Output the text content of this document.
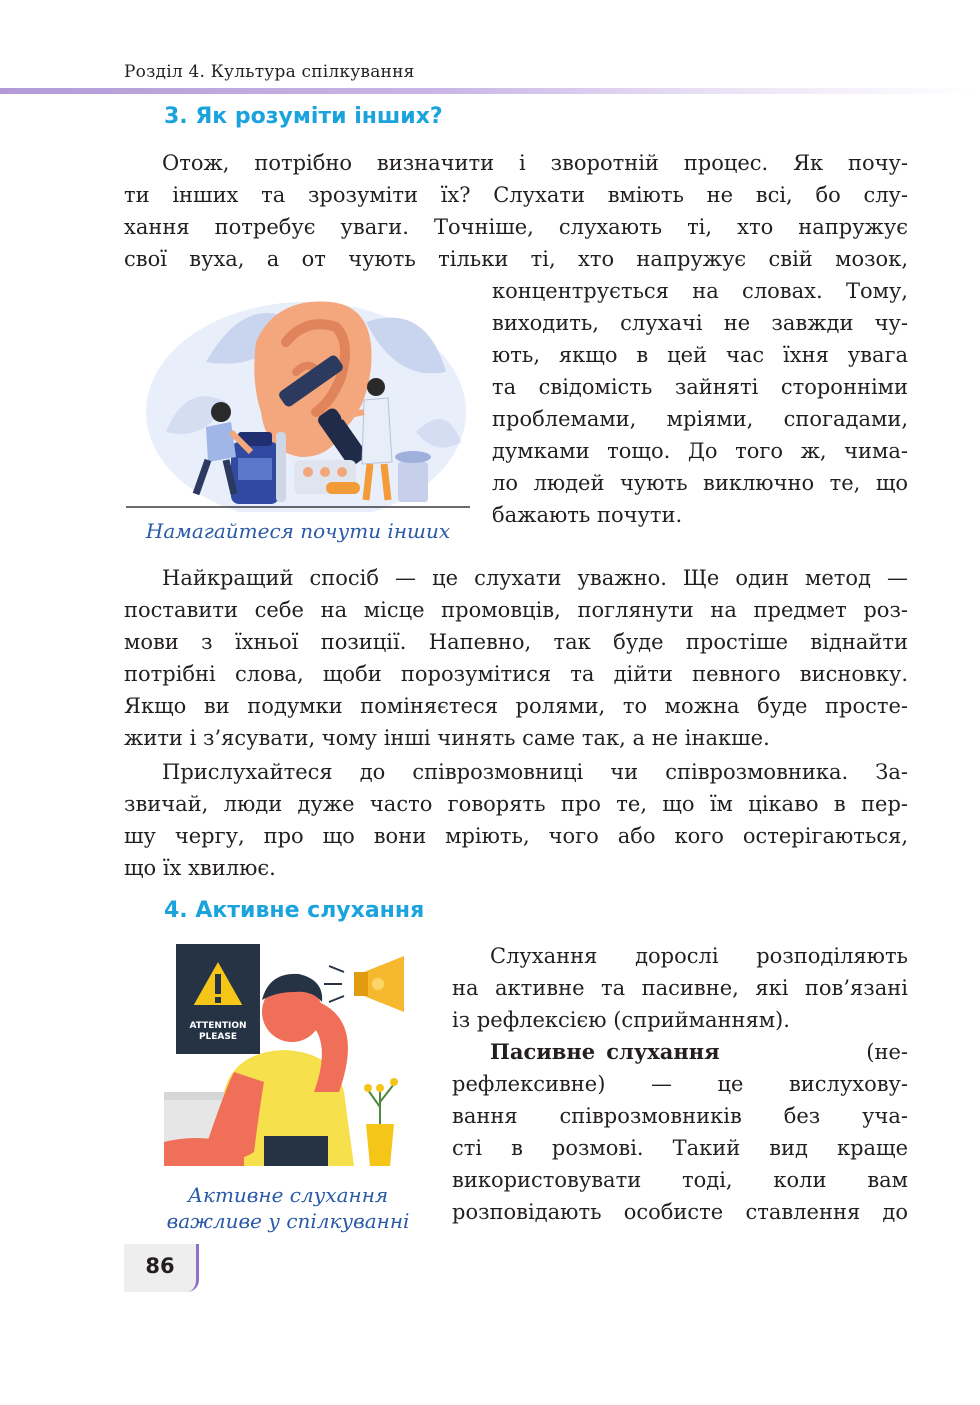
Розділ 4. Культура спілкування
3. Як розуміти інших?
Отож, потрібно визначити і зворотній процес. Як почу-
ти інших та зрозуміти їх? Слухати вміють не всі, бо слу-
хання потребує уваги. Точніше, слухають ті, хто напружує
свої вуха, а от чують тільки ті, хто напружує свій мозок,
концентрується на словах. Тому,
виходить, слухачі не завжди чу-
ють, якщо в цей час їхня увага
та свідомість зайняті сторонніми
проблемами, мріями, спогадами,
думками тощо. До того ж, чима-
ло людей чують виключно те, що
бажають почути.
Намагайтеся почути інших
Найкращий спосіб — це слухати уважно. Ще один метод —
поставити себе на місце промовців, поглянути на предмет роз-
мови з їхньої позиції. Напевно, так буде простіше віднайти
потрібні слова, щоби порозумітися та дійти певного висновку.
Якщо ви подумки поміняєтеся ролями, то можна буде просте-
жити і з’ясувати, чому інші чинять саме так, а не інакше.
Прислухайтеся до співрозмовниці чи співрозмовника. За-
звичай, люди дуже часто говорять про те, що їм цікаво в пер-
шу чергу, про що вони мріють, чого або кого остерігаються,
що їх хвилює.
4. Активне слухання
ATTENTION
PLEASE
Активне слухання
важливе у спілкуванні
Слухання дорослі розподіляють
на активне та пасивне, які пов’язані
із рефлексією (сприйманням).
Пасивне слухання	(не-
рефлексивне) — це вислухову-
вання співрозмовників без уча-
сті в розмові. Такий вид краще
використовувати тоді, коли вам
розповідають особисте ставлення до
86
